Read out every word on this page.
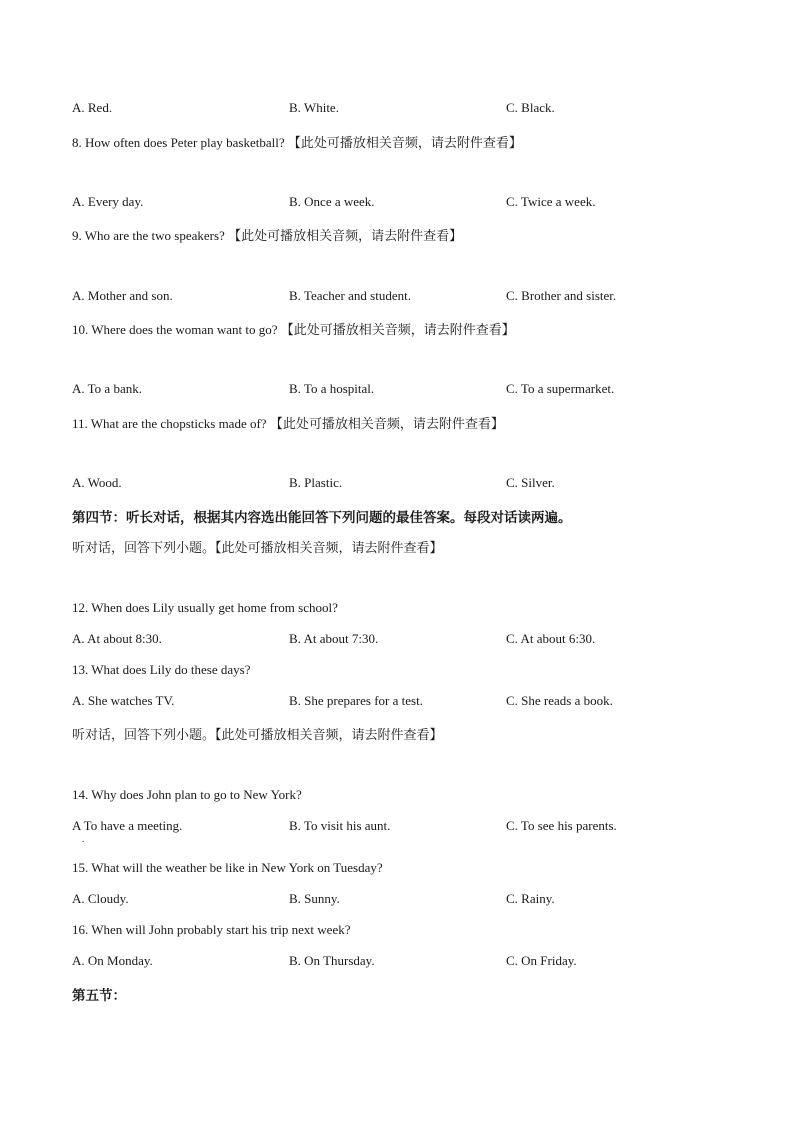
A. Red.	B. White.	C. Black.
8. How often does Peter play basketball? 【此处可播放相关音频，请去附件查看】
A. Every day.	B. Once a week.	C. Twice a week.
9. Who are the two speakers? 【此处可播放相关音频，请去附件查看】
A. Mother and son.	B. Teacher and student.	C. Brother and sister.
10. Where does the woman want to go? 【此处可播放相关音频，请去附件查看】
A. To a bank.	B. To a hospital.	C. To a supermarket.
11. What are the chopsticks made of? 【此处可播放相关音频，请去附件查看】
A. Wood.	B. Plastic.	C. Silver.
第四节：听长对话，根据其内容选出能回答下列问题的最佳答案。每段对话读两遍。
听对话，回答下列小题。【此处可播放相关音频，请去附件查看】
12. When does Lily usually get home from school?
A. At about 8:30.	B. At about 7:30.	C. At about 6:30.
13. What does Lily do these days?
A. She watches TV.	B. She prepares for a test.	C. She reads a book.
听对话，回答下列小题。【此处可播放相关音频，请去附件查看】
14. Why does John plan to go to New York?
A To have a meeting.	B. To visit his aunt.	C. To see his parents.
15. What will the weather be like in New York on Tuesday?
A. Cloudy.	B. Sunny.	C. Rainy.
16. When will John probably start his trip next week?
A. On Monday.	B. On Thursday.	C. On Friday.
第五节：
.
